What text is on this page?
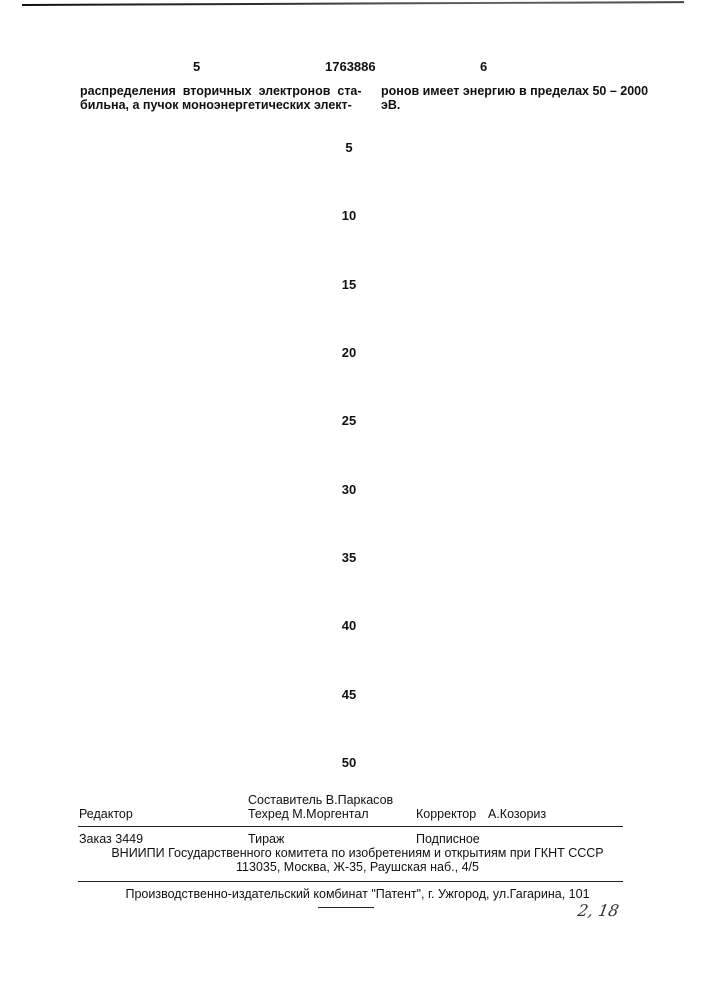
5	1763886	6
распределения  вторичных  электронов  ста-
бильна, а пучок моноэнергетических элект-
ронов имеет энергию в пределах 50 – 2000
эВ.
5
10
15
20
25
30
35
40
45
50
Составитель В.Паркасов
Редактор	Техред М.Моргентал	Корректор А.Козориз
Заказ 3449	Тираж	Подписное
ВНИИПИ Государственного комитета по изобретениям и открытиям при ГКНТ СССР
113035, Москва, Ж-35, Раушская наб., 4/5
Производственно-издательский комбинат "Патент", г. Ужгород, ул.Гагарина, 101
2, 18
